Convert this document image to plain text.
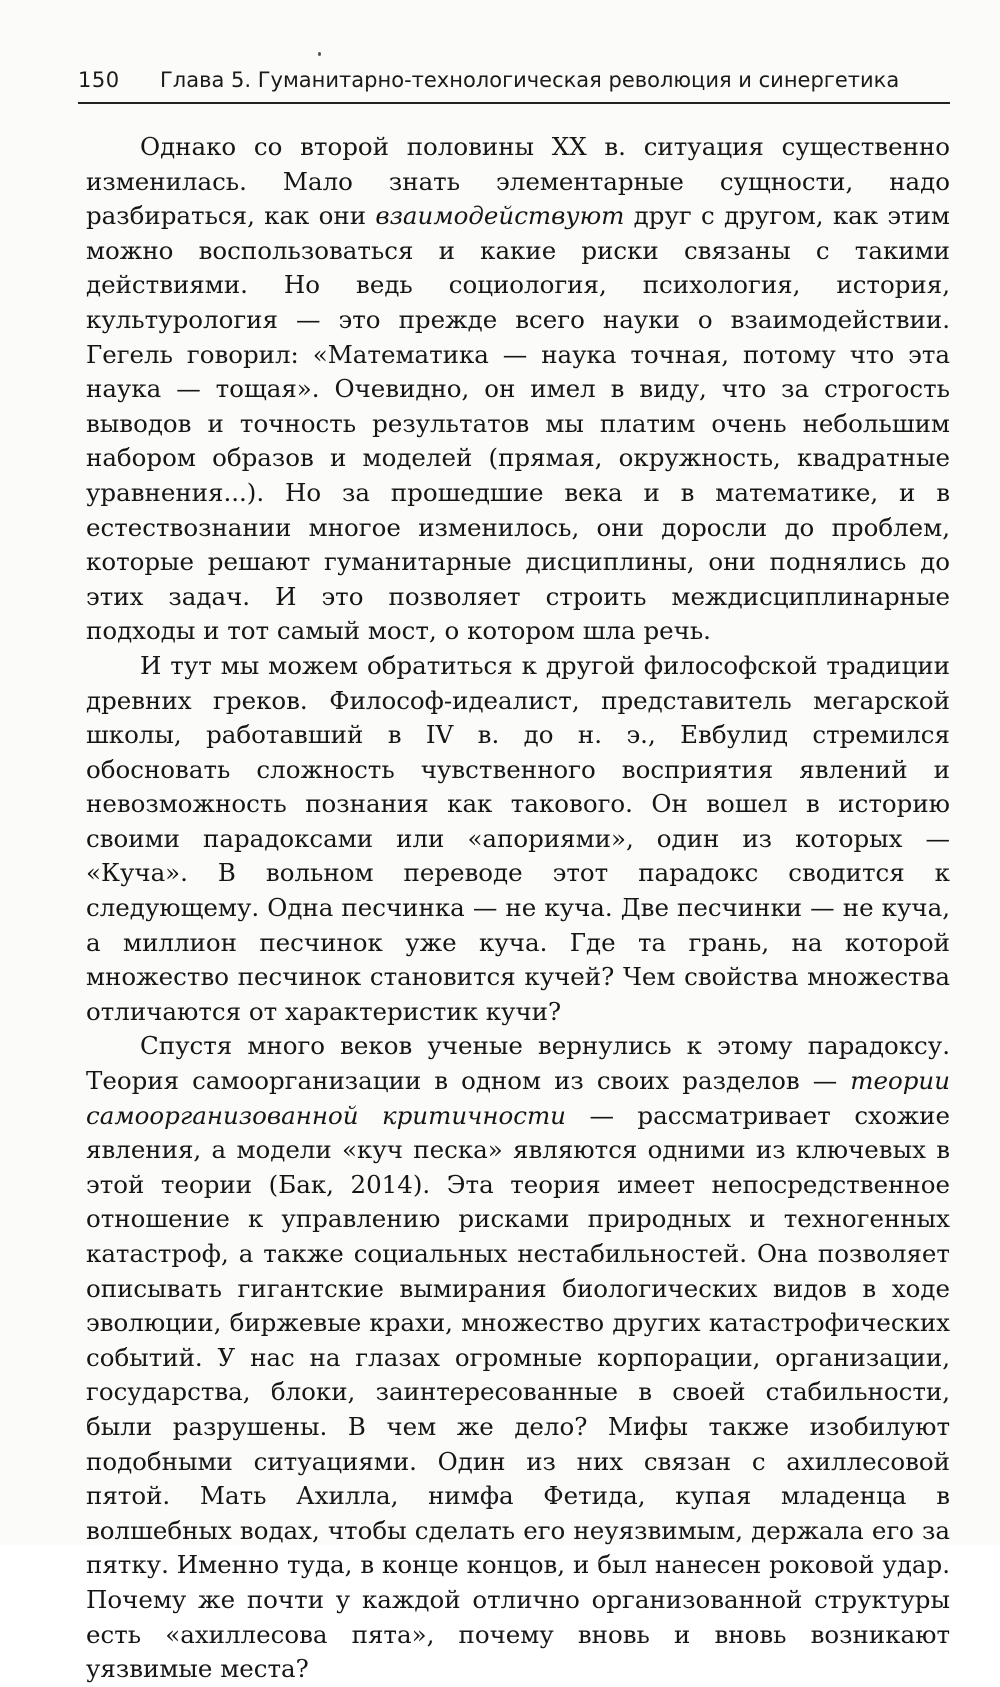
150	Глава 5. Гуманитарно-технологическая революция и синергетика

Однако со второй половины XX в. ситуация существенно изменилась. Мало знать элементарные сущности, надо разбираться, как они взаимодействуют друг с другом, как этим можно воспользоваться и какие риски связаны с такими действиями. Но ведь социология, психология, история, культурология — это прежде всего науки о взаимодействии. Гегель говорил: «Математика — наука точная, потому что эта наука — тощая». Очевидно, он имел в виду, что за строгость выводов и точность результатов мы платим очень небольшим набором образов и моделей (прямая, окружность, квадратные уравнения...). Но за прошедшие века и в математике, и в естествознании многое изменилось, они доросли до проблем, которые решают гуманитарные дисциплины, они поднялись до этих задач. И это позволяет строить междисциплинарные подходы и тот самый мост, о котором шла речь.

И тут мы можем обратиться к другой философской традиции древних греков. Философ-идеалист, представитель мегарской школы, работавший в IV в. до н. э., Евбулид стремился обосновать сложность чувственного восприятия явлений и невозможность познания как такового. Он вошел в историю своими парадоксами или «апориями», один из которых — «Куча». В вольном переводе этот парадокс сводится к следующему. Одна песчинка — не куча. Две песчинки — не куча, а миллион песчинок уже куча. Где та грань, на которой множество песчинок становится кучей? Чем свойства множества отличаются от характеристик кучи?

Спустя много веков ученые вернулись к этому парадоксу. Теория самоорганизации в одном из своих разделов — теории самоорганизованной критичности — рассматривает схожие явления, а модели «куч песка» являются одними из ключевых в этой теории (Бак, 2014). Эта теория имеет непосредственное отношение к управлению рисками природных и техногенных катастроф, а также социальных нестабильностей. Она позволяет описывать гигантские вымирания биологических видов в ходе эволюции, биржевые крахи, множество других катастрофических событий. У нас на глазах огромные корпорации, организации, государства, блоки, заинтересованные в своей стабильности, были разрушены. В чем же дело? Мифы также изобилуют подобными ситуациями. Один из них связан с ахиллесовой пятой. Мать Ахилла, нимфа Фетида, купая младенца в волшебных водах, чтобы сделать его неуязвимым, держала его за пятку. Именно туда, в конце концов, и был нанесен роковой удар. Почему же почти у каждой отлично организованной структуры есть «ахиллесова пята», почему вновь и вновь возникают уязвимые места?
